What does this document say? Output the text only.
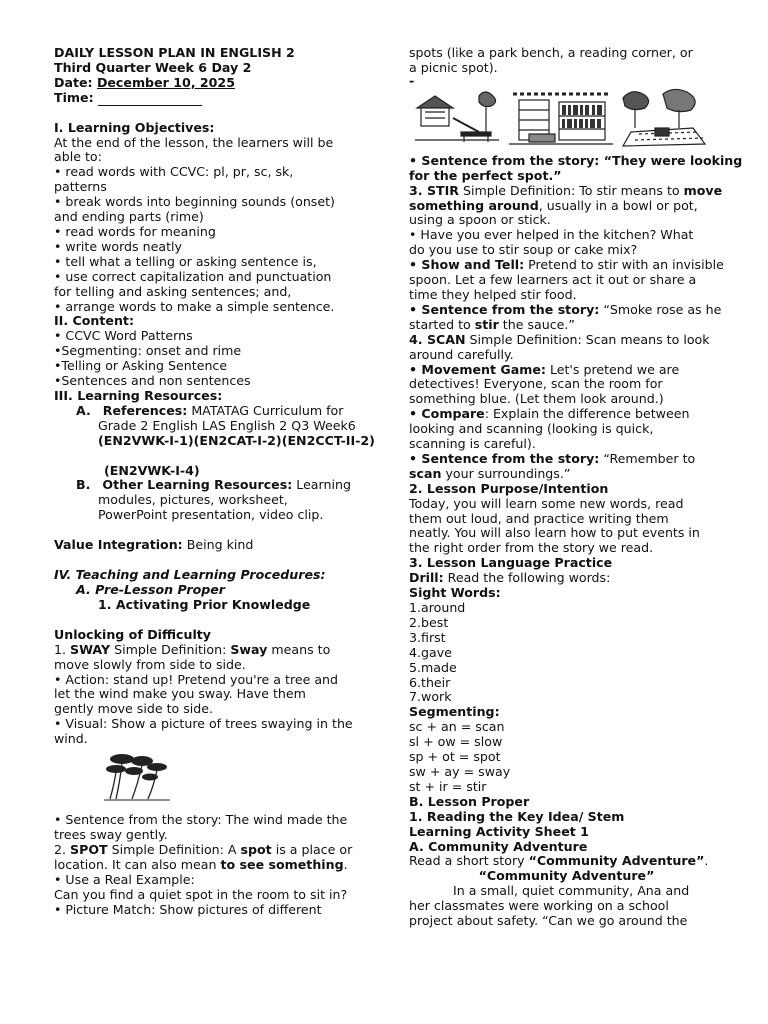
DAILY LESSON PLAN IN ENGLISH 2
Third Quarter Week 6 Day 2
Date: December 10, 2025
Time:
I. Learning Objectives:
At the end of the lesson, the learners will be
able to:
• read words with CCVC: pl, pr, sc, sk,
patterns
• break words into beginning sounds (onset)
and ending parts (rime)
• read words for meaning
• write words neatly
• tell what a telling or asking sentence is,
• use correct capitalization and punctuation
for telling and asking sentences; and,
• arrange words to make a simple sentence.
II. Content:
• CCVC Word Patterns
•Segmenting: onset and rime
•Telling or Asking Sentence
•Sentences and non sentences
III. Learning Resources:
A. References: MATATAG Curriculum for
Grade 2 English LAS English 2 Q3 Week6
(EN2VWK-I-1)(EN2CAT-I-2)(EN2CCT-II-2)
(EN2VWK-I-4)
B. Other Learning Resources: Learning
modules, pictures, worksheet,
PowerPoint presentation, video clip.
Value Integration: Being kind
IV. Teaching and Learning Procedures:
A. Pre-Lesson Proper
1. Activating Prior Knowledge
Unlocking of Difficulty
1. SWAY Simple Definition: Sway means to
move slowly from side to side.
• Action: stand up! Pretend you're a tree and
let the wind make you sway. Have them
gently move side to side.
• Visual: Show a picture of trees swaying in the
wind.
• Sentence from the story: The wind made the
trees sway gently.
2. SPOT Simple Definition: A spot is a place or
location. It can also mean to see something.
• Use a Real Example:
Can you find a quiet spot in the room to sit in?
• Picture Match: Show pictures of different
spots (like a park bench, a reading corner, or
a picnic spot).
-
• Sentence from the story: “They were looking
for the perfect spot.”
3. STIR Simple Definition: To stir means to move
something around, usually in a bowl or pot,
using a spoon or stick.
• Have you ever helped in the kitchen? What
do you use to stir soup or cake mix?
• Show and Tell: Pretend to stir with an invisible
spoon. Let a few learners act it out or share a
time they helped stir food.
• Sentence from the story: “Smoke rose as he
started to stir the sauce.”
4. SCAN Simple Definition: Scan means to look
around carefully.
• Movement Game: Let's pretend we are
detectives! Everyone, scan the room for
something blue. (Let them look around.)
• Compare: Explain the difference between
looking and scanning (looking is quick,
scanning is careful).
• Sentence from the story: “Remember to
scan your surroundings.”
2. Lesson Purpose/Intention
Today, you will learn some new words, read
them out loud, and practice writing them
neatly. You will also learn how to put events in
the right order from the story we read.
3. Lesson Language Practice
Drill: Read the following words:
Sight Words:
1.around
2.best
3.first
4.gave
5.made
6.their
7.work
Segmenting:
sc + an = scan
sl + ow = slow
sp + ot = spot
sw + ay = sway
st + ir = stir
B. Lesson Proper
1. Reading the Key Idea/ Stem
Learning Activity Sheet 1
A. Community Adventure
Read a short story “Community Adventure”.
“Community Adventure”
In a small, quiet community, Ana and
her classmates were working on a school
project about safety. “Can we go around the
